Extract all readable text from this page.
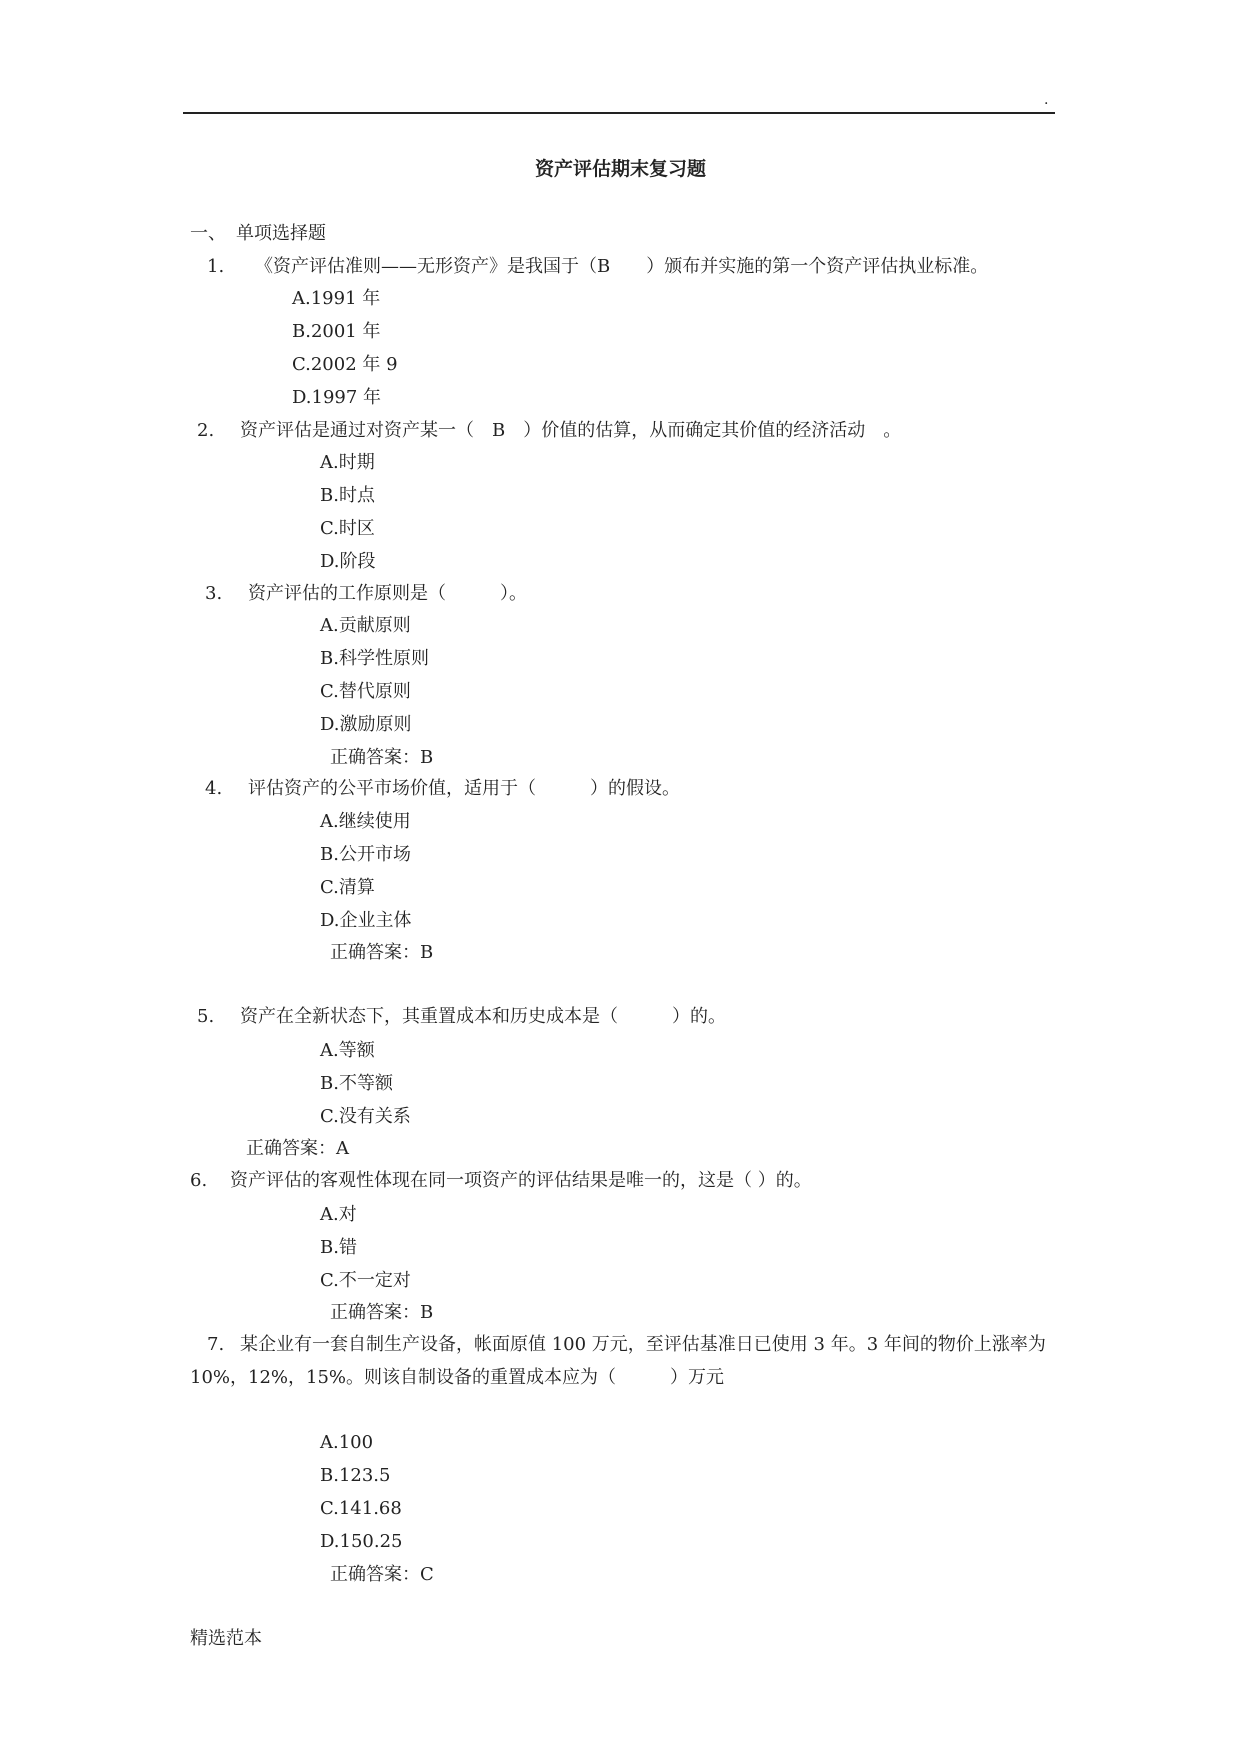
.
资产评估期末复习题
一、 单项选择题
1. 《资产评估准则——无形资产》是我国于（B　　）颁布并实施的第一个资产评估执业标准。
A.1991 年
B.2001 年
C.2002 年 9
D.1997 年
2. 资产评估是通过对资产某一（　B　）价值的估算，从而确定其价值的经济活动　。
A.时期
B.时点
C.时区
D.阶段
3. 资产评估的工作原则是（　　　）。
A.贡献原则
B.科学性原则
C.替代原则
D.激励原则
正确答案：B
4. 评估资产的公平市场价值，适用于（　　　）的假设。
A.继续使用
B.公开市场
C.清算
D.企业主体
正确答案：B
5. 资产在全新状态下，其重置成本和历史成本是（　　　）的。
A.等额
B.不等额
C.没有关系
正确答案：A
6. 资产评估的客观性体现在同一项资产的评估结果是唯一的，这是（ ）的。
A.对
B.错
C.不一定对
正确答案：B
7. 某企业有一套自制生产设备，帐面原值 100 万元，至评估基准日已使用 3 年。3 年间的物价上涨率为
10%，12%，15%。则该自制设备的重置成本应为（　　　）万元
A.100
B.123.5
C.141.68
D.150.25
正确答案：C
精选范本
